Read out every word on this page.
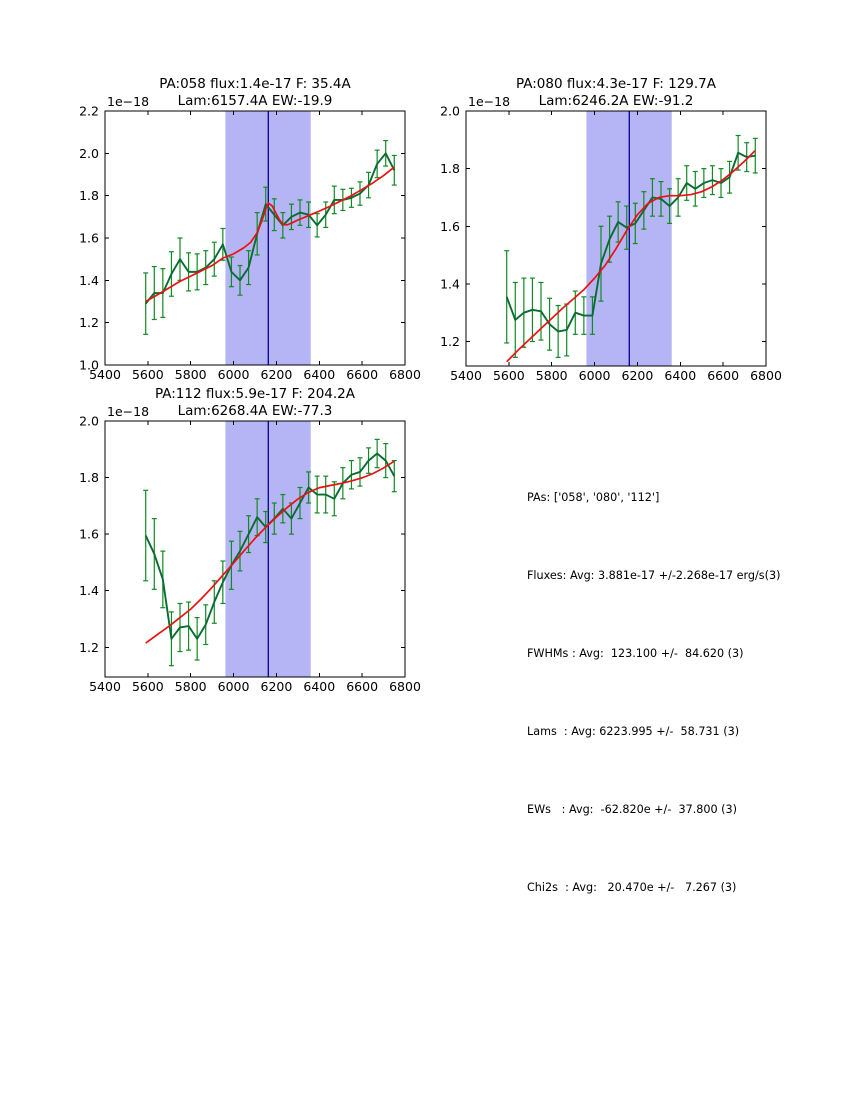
5400 5600 5800 6000 6200 6400 6600 6800
1.0
1.2
1.4
1.6
1.8
2.0
2.2
1e−18
PA:058 flux:1.4e-17 F: 35.4A
Lam:6157.4A EW:-19.9
5400 5600 5800 6000 6200 6400 6600 6800
1.2
1.4
1.6
1.8
2.0
1e−18
PA:080 flux:4.3e-17 F: 129.7A
Lam:6246.2A EW:-91.2
5400 5600 5800 6000 6200 6400 6600 6800
1.2
1.4
1.6
1.8
2.0
1e−18
PA:112 flux:5.9e-17 F: 204.2A
Lam:6268.4A EW:-77.3

PAs: ['058', '080', '112']

Fluxes: Avg: 3.881e-17 +/-2.268e-17 erg/s(3)

FWHMs : Avg:  123.100 +/-  84.620 (3)

Lams  : Avg: 6223.995 +/-  58.731 (3)

EWs   : Avg:  -62.820e +/-  37.800 (3)

Chi2s  : Avg:   20.470e +/-   7.267 (3)
